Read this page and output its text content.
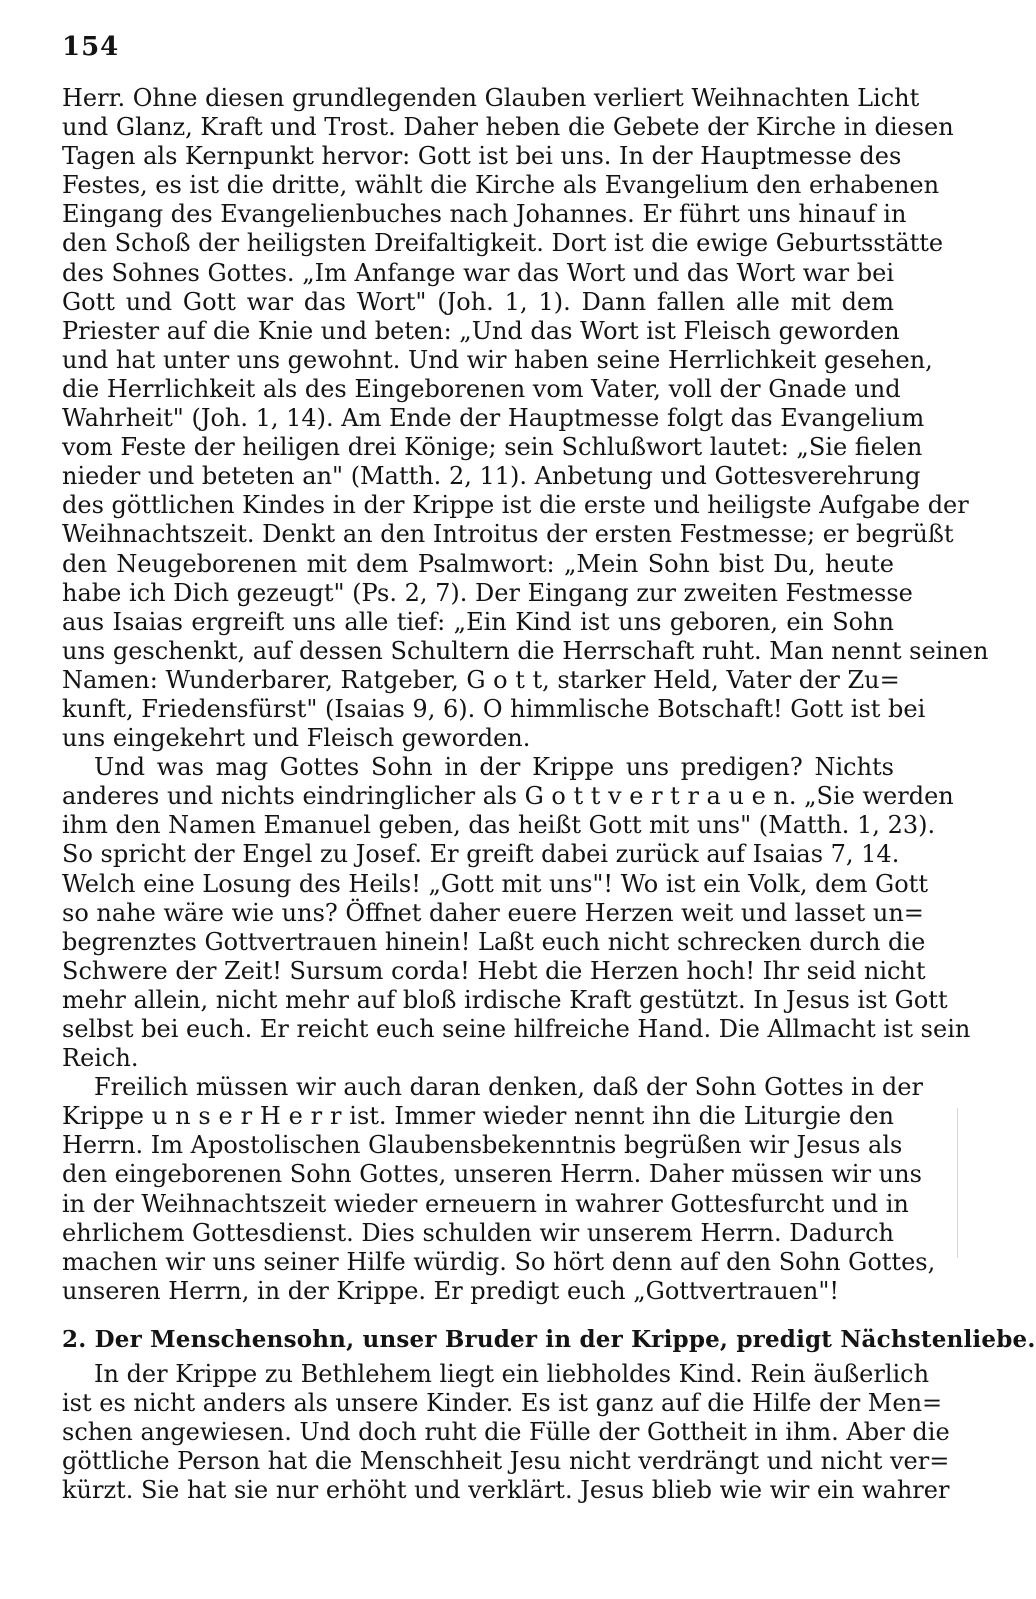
154
Herr. Ohne diesen grundlegenden Glauben verliert Weihnachten Licht
und Glanz, Kraft und Trost. Daher heben die Gebete der Kirche in diesen
Tagen als Kernpunkt hervor: Gott ist bei uns. In der Hauptmesse des
Festes, es ist die dritte, wählt die Kirche als Evangelium den erhabenen
Eingang des Evangelienbuches nach Johannes. Er führt uns hinauf in
den Schoß der heiligsten Dreifaltigkeit. Dort ist die ewige Geburtsstätte
des Sohnes Gottes. „Im Anfange war das Wort und das Wort war bei
Gott und Gott war das Wort" (Joh. 1, 1). Dann fallen alle mit dem
Priester auf die Knie und beten: „Und das Wort ist Fleisch geworden
und hat unter uns gewohnt. Und wir haben seine Herrlichkeit gesehen,
die Herrlichkeit als des Eingeborenen vom Vater, voll der Gnade und
Wahrheit" (Joh. 1, 14). Am Ende der Hauptmesse folgt das Evangelium
vom Feste der heiligen drei Könige; sein Schlußwort lautet: „Sie fielen
nieder und beteten an" (Matth. 2, 11). Anbetung und Gottesverehrung
des göttlichen Kindes in der Krippe ist die erste und heiligste Aufgabe der
Weihnachtszeit. Denkt an den Introitus der ersten Festmesse; er begrüßt
den Neugeborenen mit dem Psalmwort: „Mein Sohn bist Du, heute
habe ich Dich gezeugt" (Ps. 2, 7). Der Eingang zur zweiten Festmesse
aus Isaias ergreift uns alle tief: „Ein Kind ist uns geboren, ein Sohn
uns geschenkt, auf dessen Schultern die Herrschaft ruht. Man nennt seinen
Namen: Wunderbarer, Ratgeber, G o t t, starker Held, Vater der Zu=
kunft, Friedensfürst" (Isaias 9, 6). O himmlische Botschaft! Gott ist bei
uns eingekehrt und Fleisch geworden.
Und was mag Gottes Sohn in der Krippe uns predigen? Nichts
anderes und nichts eindringlicher als G o t t v e r t r a u e n. „Sie werden
ihm den Namen Emanuel geben, das heißt Gott mit uns" (Matth. 1, 23).
So spricht der Engel zu Josef. Er greift dabei zurück auf Isaias 7, 14.
Welch eine Losung des Heils! „Gott mit uns"! Wo ist ein Volk, dem Gott
so nahe wäre wie uns? Öffnet daher euere Herzen weit und lasset un=
begrenztes Gottvertrauen hinein! Laßt euch nicht schrecken durch die
Schwere der Zeit! Sursum corda! Hebt die Herzen hoch! Ihr seid nicht
mehr allein, nicht mehr auf bloß irdische Kraft gestützt. In Jesus ist Gott
selbst bei euch. Er reicht euch seine hilfreiche Hand. Die Allmacht ist sein
Reich.
Freilich müssen wir auch daran denken, daß der Sohn Gottes in der
Krippe u n s e r H e r r ist. Immer wieder nennt ihn die Liturgie den
Herrn. Im Apostolischen Glaubensbekenntnis begrüßen wir Jesus als
den eingeborenen Sohn Gottes, unseren Herrn. Daher müssen wir uns
in der Weihnachtszeit wieder erneuern in wahrer Gottesfurcht und in
ehrlichem Gottesdienst. Dies schulden wir unserem Herrn. Dadurch
machen wir uns seiner Hilfe würdig. So hört denn auf den Sohn Gottes,
unseren Herrn, in der Krippe. Er predigt euch „Gottvertrauen"!
2. Der Menschensohn, unser Bruder in der Krippe, predigt Nächstenliebe.
In der Krippe zu Bethlehem liegt ein liebholdes Kind. Rein äußerlich
ist es nicht anders als unsere Kinder. Es ist ganz auf die Hilfe der Men=
schen angewiesen. Und doch ruht die Fülle der Gottheit in ihm. Aber die
göttliche Person hat die Menschheit Jesu nicht verdrängt und nicht ver=
kürzt. Sie hat sie nur erhöht und verklärt. Jesus blieb wie wir ein wahrer
